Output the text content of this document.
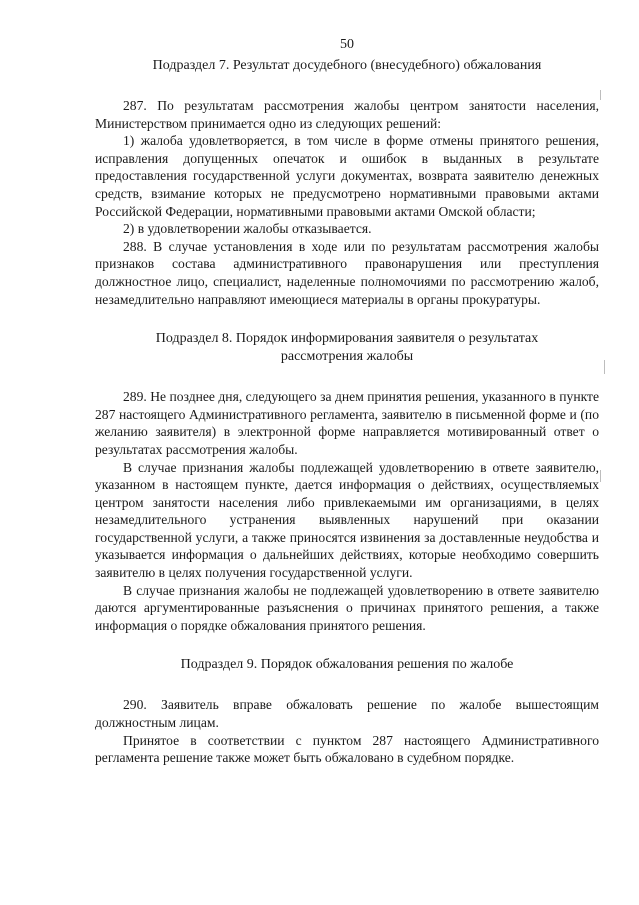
50
Подраздел 7. Результат досудебного (внесудебного) обжалования

287. По результатам рассмотрения жалобы центром занятости населения, Министерством принимается одно из следующих решений:

1) жалоба удовлетворяется, в том числе в форме отмены принятого решения, исправления допущенных опечаток и ошибок в выданных в результате предоставления государственной услуги документах, возврата заявителю денежных средств, взимание которых не предусмотрено нормативными правовыми актами Российской Федерации, нормативными правовыми актами Омской области;

2) в удовлетворении жалобы отказывается.

288. В случае установления в ходе или по результатам рассмотрения жалобы признаков состава административного правонарушения или преступления должностное лицо, специалист, наделенные полномочиями по рассмотрению жалоб, незамедлительно направляют имеющиеся материалы в органы прокуратуры.

Подраздел 8. Порядок информирования заявителя о результатах
рассмотрения жалобы

289. Не позднее дня, следующего за днем принятия решения, указанного в пункте 287 настоящего Административного регламента, заявителю в письменной форме и (по желанию заявителя) в электронной форме направляется мотивированный ответ о результатах рассмотрения жалобы.

В случае признания жалобы подлежащей удовлетворению в ответе заявителю, указанном в настоящем пункте, дается информация о действиях, осуществляемых центром занятости населения либо привлекаемыми им организациями, в целях незамедлительного устранения выявленных нарушений при оказании государственной услуги, а также приносятся извинения за доставленные неудобства и указывается информация о дальнейших действиях, которые необходимо совершить заявителю в целях получения государственной услуги.

В случае признания жалобы не подлежащей удовлетворению в ответе заявителю даются аргументированные разъяснения о причинах принятого решения, а также информация о порядке обжалования принятого решения.

Подраздел 9. Порядок обжалования решения по жалобе

290. Заявитель вправе обжаловать решение по жалобе вышестоящим должностным лицам.

Принятое в соответствии с пунктом 287 настоящего Административного регламента решение также может быть обжаловано в судебном порядке.
